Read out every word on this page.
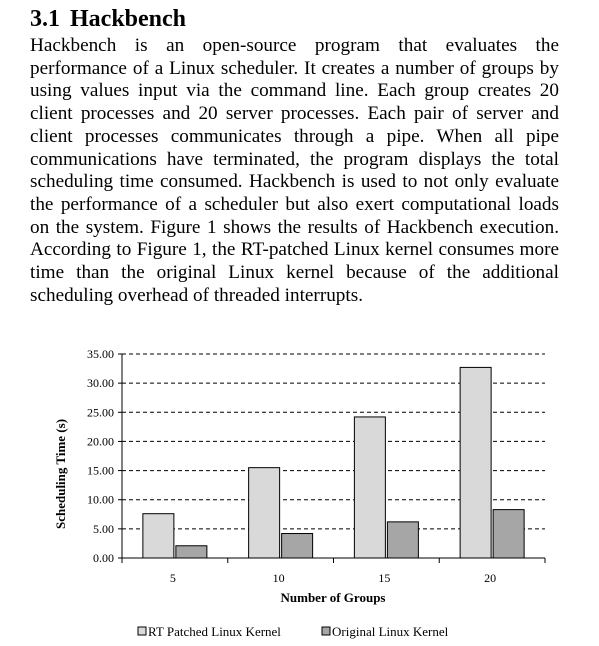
3.1 Hackbench

Hackbench is an open-source program that evaluates the performance of a Linux scheduler. It creates a number of groups by using values input via the command line. Each group creates 20 client processes and 20 server processes. Each pair of server and client processes communicates through a pipe. When all pipe communications have terminated, the program displays the total scheduling time consumed. Hackbench is used to not only evaluate the performance of a scheduler but also exert computational loads on the system. Figure 1 shows the results of Hackbench execution. According to Figure 1, the RT-patched Linux kernel consumes more time than the original Linux kernel because of the additional scheduling overhead of threaded interrupts.

0.00
5.00
10.00
15.00
20.00
25.00
30.00
35.00
5	10	15	20
Number of Groups
Scheduling Time (s)
RT Patched Linux Kernel	Original Linux Kernel
